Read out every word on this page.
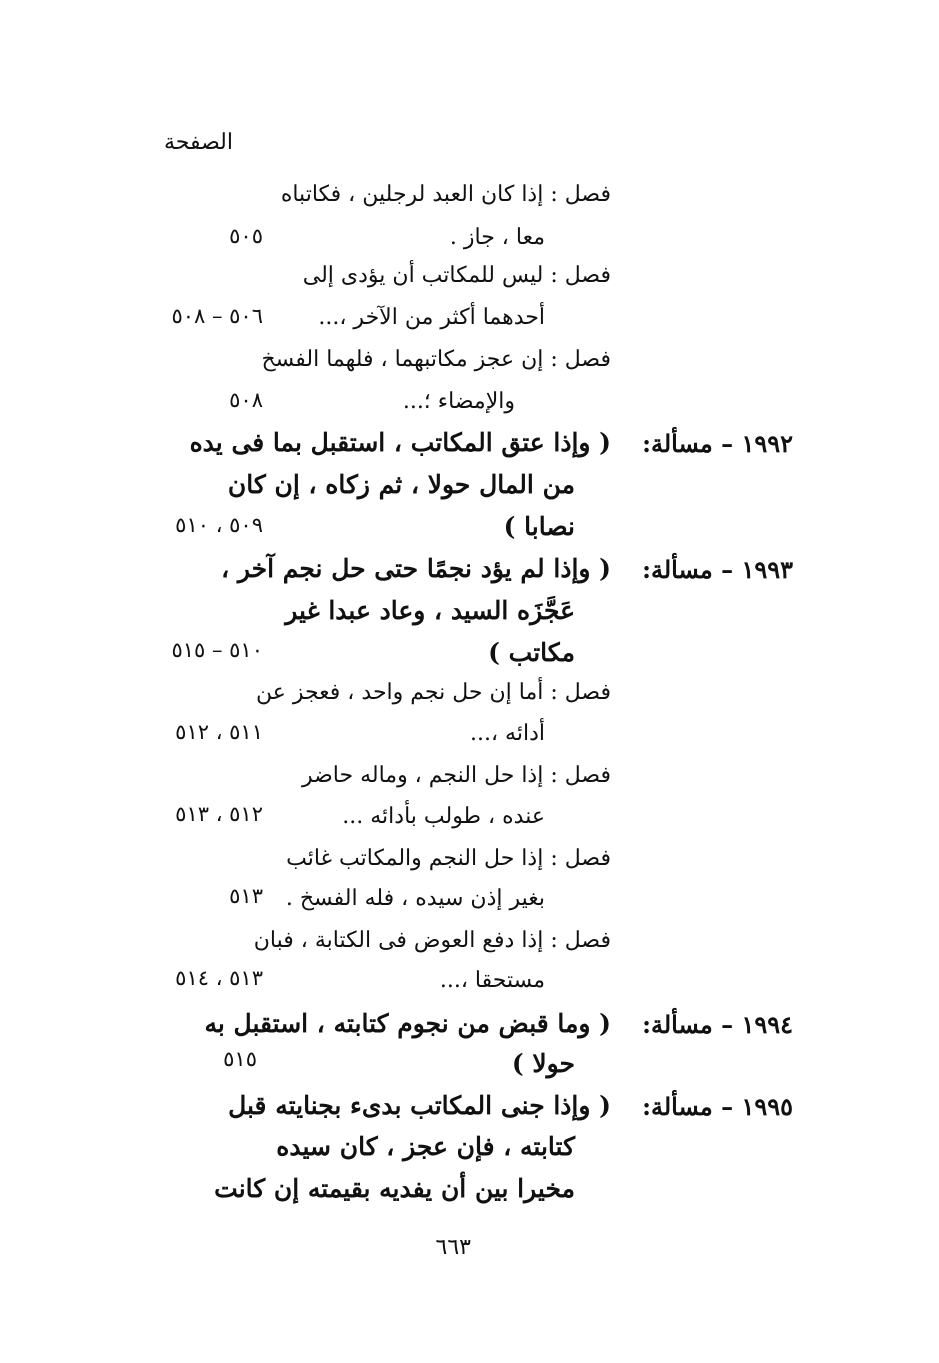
الصفحة
فصل : إذا كان العبد لرجلين ، فكاتباه
معا ، جاز .
٥٠٥
فصل : ليس للمكاتب أن يؤدى إلى
أحدهما أكثر من الآخر ،...
٥٠٦ – ٥٠٨
فصل : إن عجز مكاتبهما ، فلهما الفسخ
والإمضاء ؛...
٥٠٨
١٩٩٢ – مسألة:
( وإذا عتق المكاتب ، استقبل بما فى يده
من المال حولا ، ثم زكاه ، إن كان
نصابا )
٥٠٩ ، ٥١٠
١٩٩٣ – مسألة:
( وإذا لم يؤد نجمًا حتى حل نجم آخر ،
عَجَّزَه السيد ، وعاد عبدا غير
مكاتب )
٥١٠ – ٥١٥
فصل : أما إن حل نجم واحد ، فعجز عن
أدائه ،...
٥١١ ، ٥١٢
فصل : إذا حل النجم ، وماله حاضر
عنده ، طولب بأدائه ...
٥١٢ ، ٥١٣
فصل : إذا حل النجم والمكاتب غائب
بغير إذن سيده ، فله الفسخ .
٥١٣
فصل : إذا دفع العوض فى الكتابة ، فبان
مستحقا ،...
٥١٣ ، ٥١٤
١٩٩٤ – مسألة:
( وما قبض من نجوم كتابته ، استقبل به
حولا )
٥١٥
١٩٩٥ – مسألة:
( وإذا جنى المكاتب بدىء بجنايته قبل
كتابته ، فإن عجز ، كان سيده
مخيرا بين أن يفديه بقيمته إن كانت
٦٦٣
